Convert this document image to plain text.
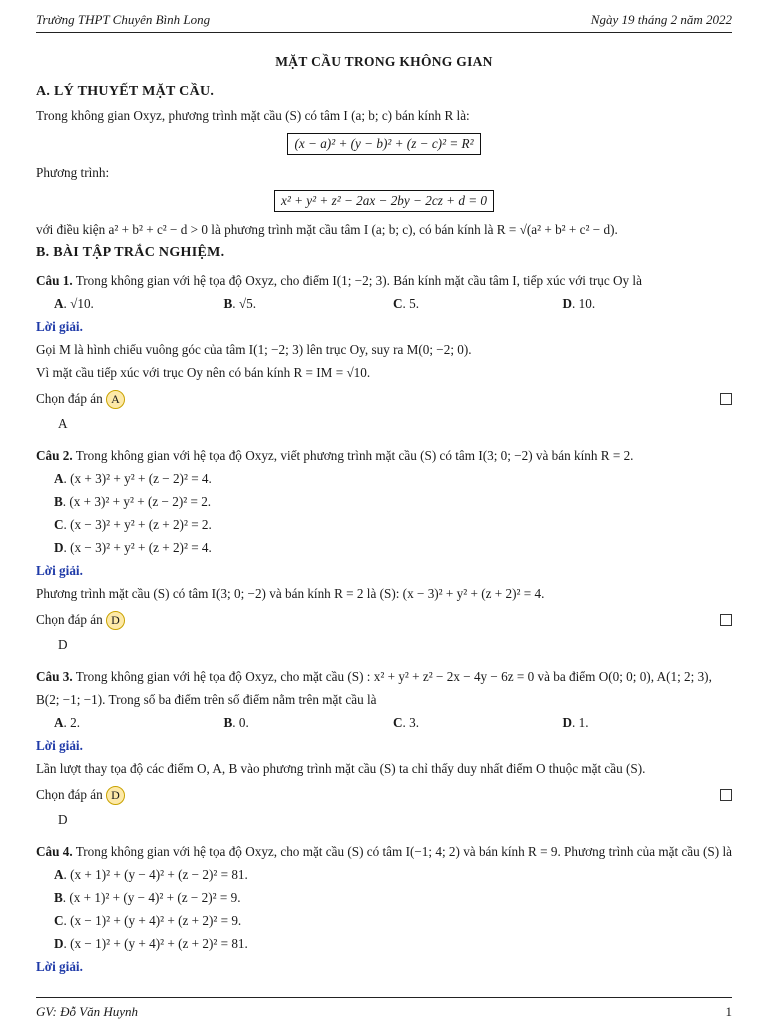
Trường THPT Chuyên Bình Long	Ngày 19 tháng 2 năm 2022
MẶT CẦU TRONG KHÔNG GIAN
A. LÝ THUYẾT MẶT CẦU.

Trong không gian Oxyz, phương trình mặt cầu (S) có tâm I (a; b; c) bán kính R là:

(x − a)² + (y − b)² + (z − c)² = R²

Phương trình:

x² + y² + z² − 2ax − 2by − 2cz + d = 0

với điều kiện a² + b² + c² − d > 0 là phương trình mặt cầu tâm I (a; b; c), có bán kính là R = √(a² + b² + c² − d).

B. BÀI TẬP TRẮC NGHIỆM.
Câu 1. Trong không gian với hệ tọa độ Oxyz, cho điểm I(1; −2; 3). Bán kính mặt cầu tâm I, tiếp xúc với trục Oy là
A. √10.	B. √5.	C. 5.	D. 10.
Lời giải.

Gọi M là hình chiếu vuông góc của tâm I(1; −2; 3) lên trục Oy, suy ra M(0; −2; 0).

Vì mặt cầu tiếp xúc với trục Oy nên có bán kính R = IM = √10.

Chọn đáp án A
A
Câu 2. Trong không gian với hệ tọa độ Oxyz, viết phương trình mặt cầu (S) có tâm I(3; 0; −2) và bán kính R = 2.
A. (x + 3)² + y² + (z − 2)² = 4.
B. (x + 3)² + y² + (z − 2)² = 2.
C. (x − 3)² + y² + (z + 2)² = 2.
D. (x − 3)² + y² + (z + 2)² = 4.
Lời giải.

Phương trình mặt cầu (S) có tâm I(3; 0; −2) và bán kính R = 2 là (S): (x − 3)² + y² + (z + 2)² = 4.

Chọn đáp án D
D
Câu 3. Trong không gian với hệ tọa độ Oxyz, cho mặt cầu (S) : x² + y² + z² − 2x − 4y − 6z = 0 và ba điểm O(0; 0; 0), A(1; 2; 3), B(2; −1; −1). Trong số ba điểm trên số điểm nằm trên mặt cầu là
A. 2.	B. 0.	C. 3.	D. 1.
Lời giải.

Lần lượt thay tọa độ các điểm O, A, B vào phương trình mặt cầu (S) ta chỉ thấy duy nhất điểm O thuộc mặt cầu (S).

Chọn đáp án D
D
Câu 4. Trong không gian với hệ tọa độ Oxyz, cho mặt cầu (S) có tâm I(−1; 4; 2) và bán kính R = 9. Phương trình của mặt cầu (S) là
A. (x + 1)² + (y − 4)² + (z − 2)² = 81.
B. (x + 1)² + (y − 4)² + (z − 2)² = 9.
C. (x − 1)² + (y + 4)² + (z + 2)² = 9.
D. (x − 1)² + (y + 4)² + (z + 2)² = 81.
Lời giải.
GV: Đỗ Văn Huynh	1
